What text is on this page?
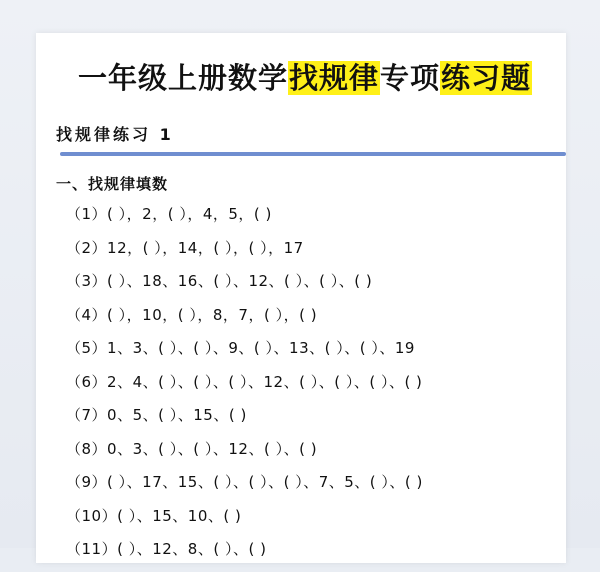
一年级上册数学找规律专项练习题
找规律练习 1
一、找规律填数
（1）( ），2，( ），4，5，( )
（2）12，( ），14，( ），( ），17
（3）( ）、18、16、( ）、12、( ）、( ）、( )
（4）( ），10，( ），8，7，( ），( )
（5）1、3、( ）、( ）、9、( ）、13、( ）、( ）、19
（6）2、4、( ）、( ）、( ）、12、( ）、( ）、( ）、( )
（7）0、5、( ）、15、( )
（8）0、3、( ）、( ）、12、( ）、( )
（9）( ）、17、15、( ）、( ）、( ）、7、5、( ）、( )
（10）( ）、15、10、( )
（11）( ）、12、8、( ）、( )
